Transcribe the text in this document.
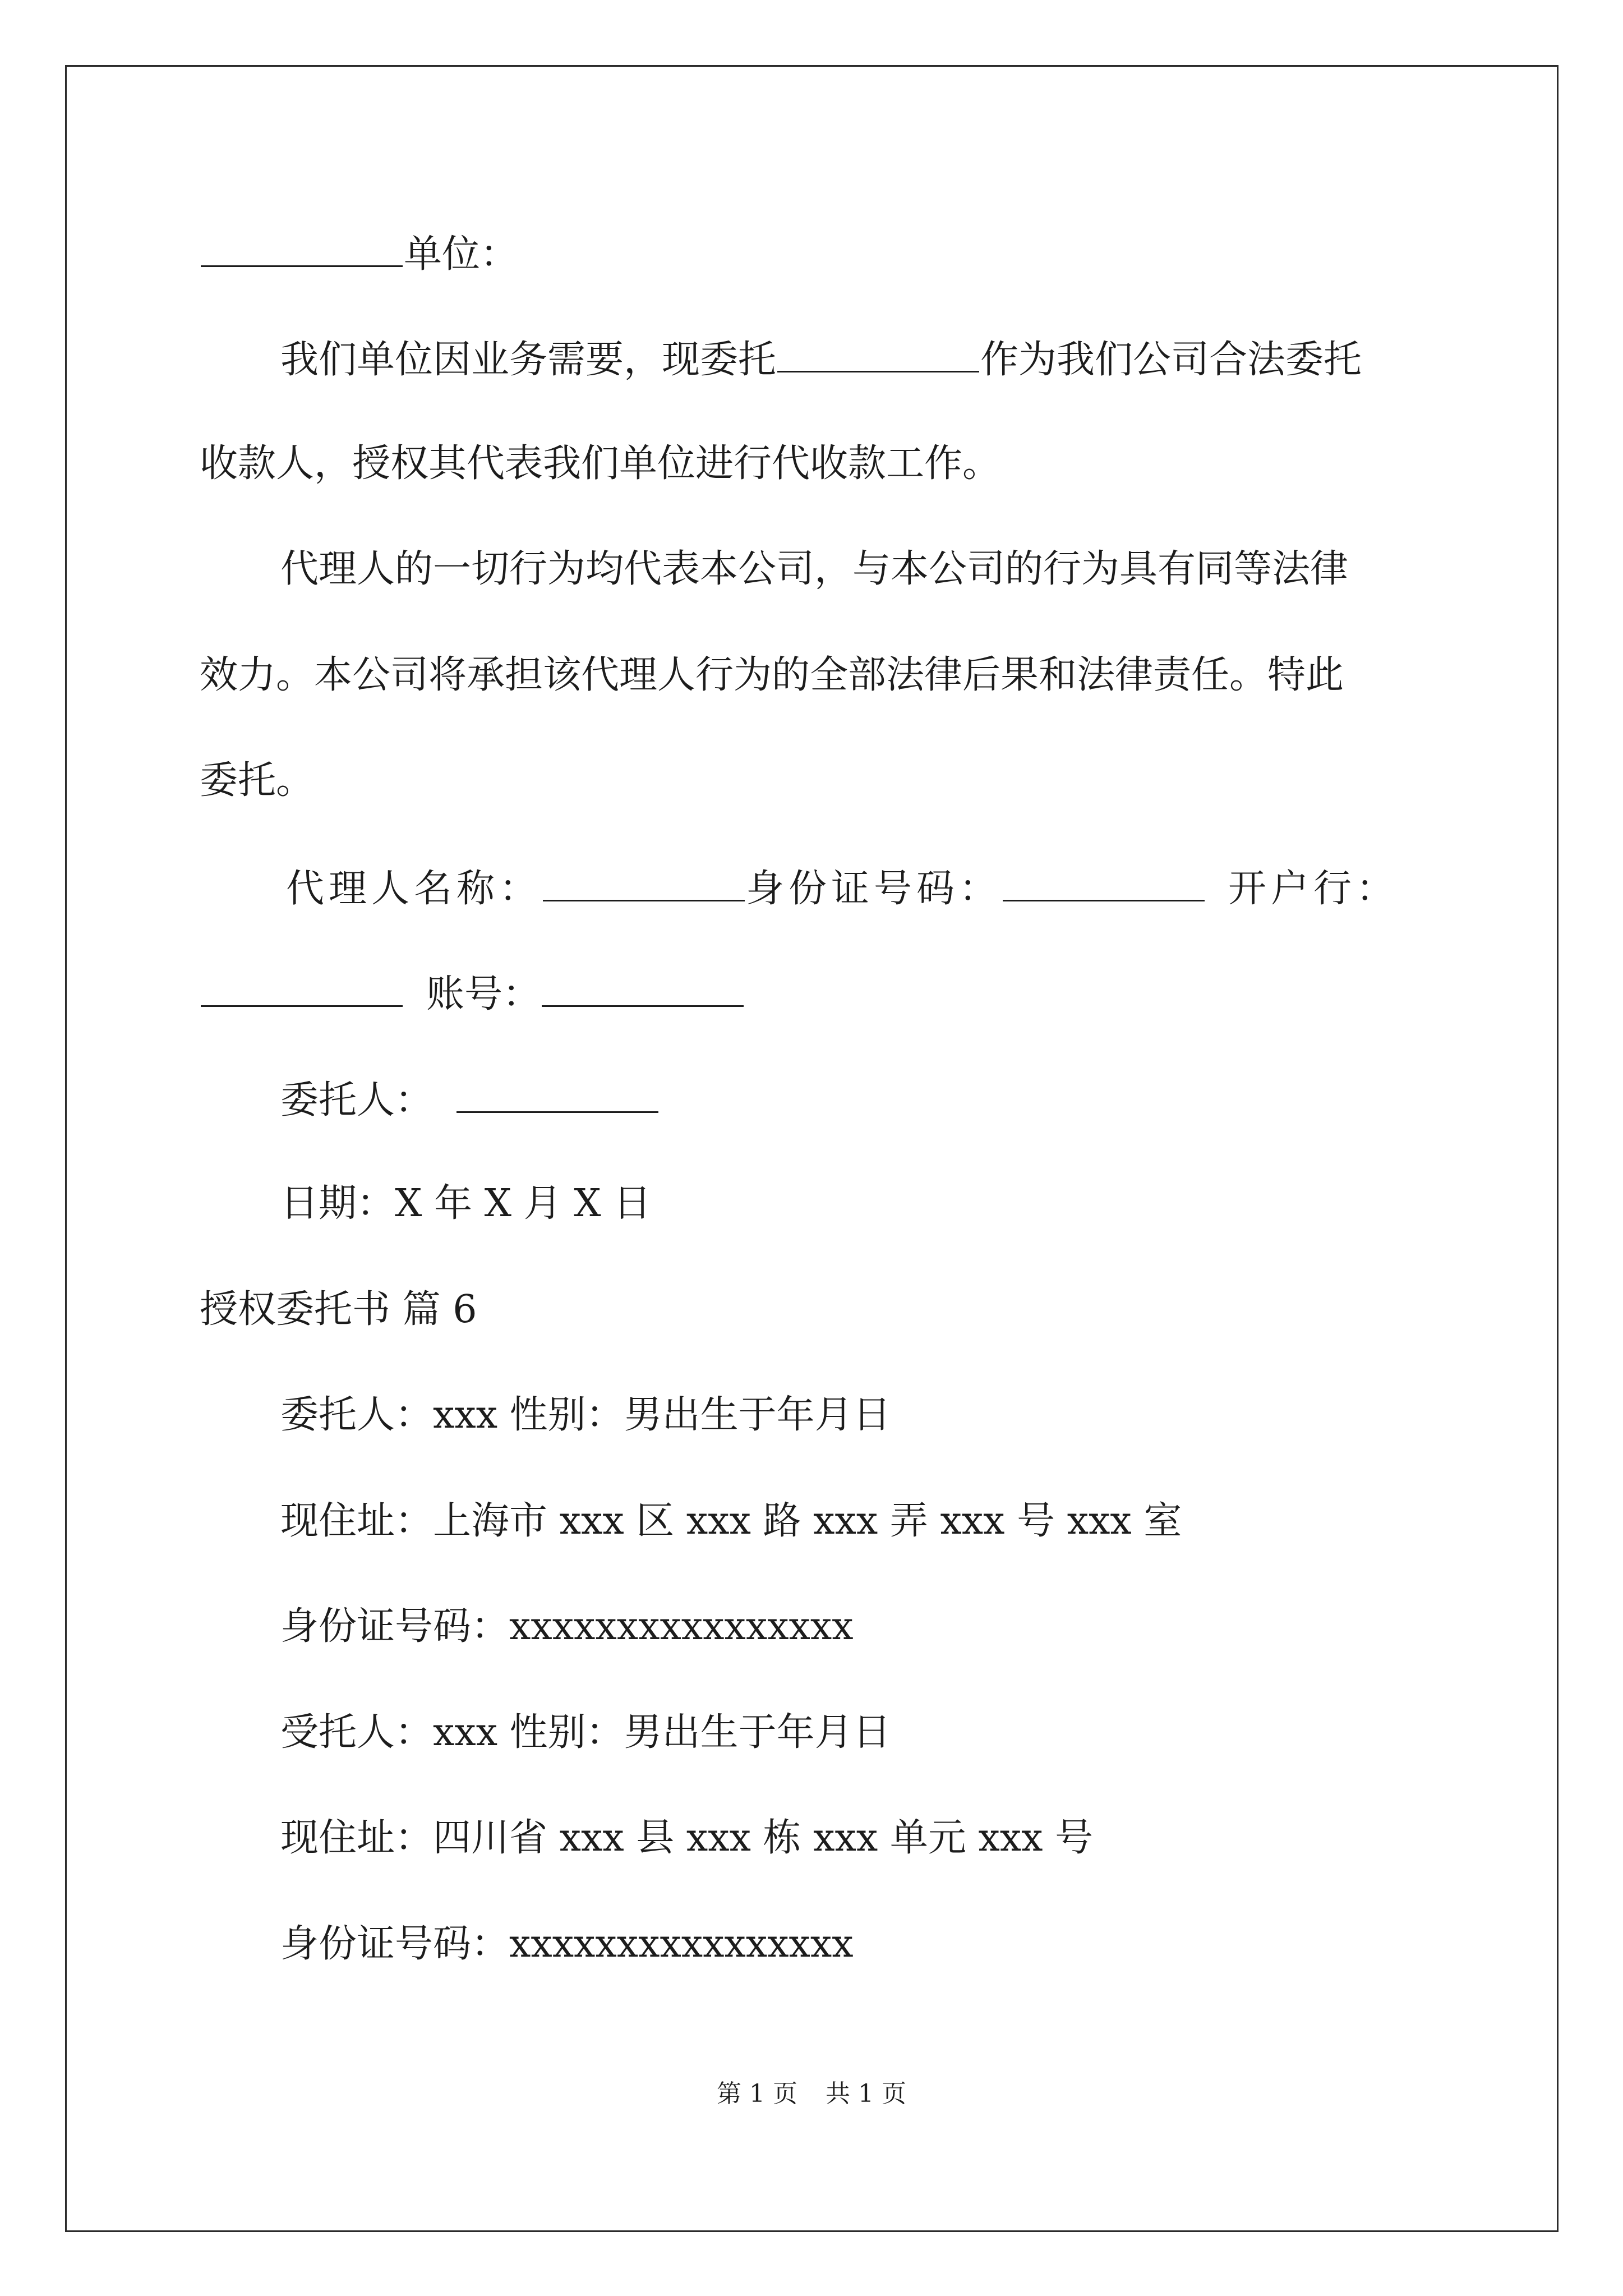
单位：
我们单位因业务需要，现委托	作为我们公司合法委托
收款人，授权其代表我们单位进行代收款工作。
代理人的一切行为均代表本公司，与本公司的行为具有同等法律
效力。本公司将承担该代理人行为的全部法律后果和法律责任。特此
委托。
代理人名称：	身份证号码：	开户行：
账号：
委托人：
日期：X 年 X 月 X 日
授权委托书 篇 6
委托人：xxx 性别：男出生于年月日
现住址：上海市 xxx 区 xxx 路 xxx 弄 xxx 号 xxx 室
身份证号码：xxxxxxxxxxxxxxxx
受托人：xxx 性别：男出生于年月日
现住址：四川省 xxx 县 xxx 栋 xxx 单元 xxx 号
身份证号码：xxxxxxxxxxxxxxxx
第 1 页 共 1 页
